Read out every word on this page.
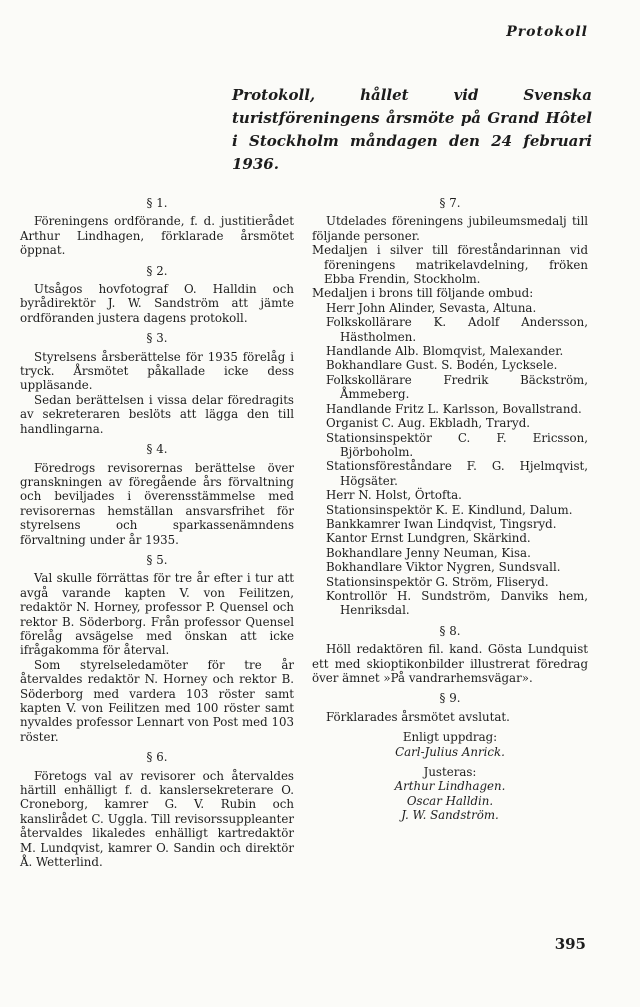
Protokoll
Protokoll, hållet vid Svenska turistföreningens årsmöte på Grand Hôtel i Stockholm måndagen den 24 februari 1936.
§ 1.

Föreningens ordförande, f. d. justitierådet Arthur Lindhagen, förklarade årsmötet öppnat.

§ 2.

Utsågos hovfotograf O. Halldin och byrådirektör J. W. Sandström att jämte ordföranden justera dagens protokoll.

§ 3.

Styrelsens årsberättelse för 1935 förelåg i tryck. Årsmötet påkallade icke dess uppläsande.

Sedan berättelsen i vissa delar föredragits av sekreteraren beslöts att lägga den till handlingarna.

§ 4.

Föredrogs revisorernas berättelse över granskningen av föregående års förvaltning och beviljades i överensstämmelse med revisorernas hemställan ansvarsfrihet för styrelsens och sparkassenämndens förvaltning under år 1935.

§ 5.

Val skulle förrättas för tre år efter i tur att avgå varande kapten V. von Feilitzen, redaktör N. Horney, professor P. Quensel och rektor B. Söderborg. Från professor Quensel förelåg avsägelse med önskan att icke ifrågakomma för återval.

Som styrelseledamöter för tre år återvaldes redaktör N. Horney och rektor B. Söderborg med vardera 103 röster samt kapten V. von Feilitzen med 100 röster samt nyvaldes professor Lennart von Post med 103 röster.

§ 6.

Företogs val av revisorer och återvaldes härtill enhälligt f. d. kanslersekreterare O. Croneborg, kamrer G. V. Rubin och kanslirådet C. Uggla. Till revisorssuppleanter återvaldes likaledes enhälligt kartredaktör M. Lundqvist, kamrer O. Sandin och direktör Å. Wetterlind.

§ 7.

Utdelades föreningens jubileumsmedalj till följande personer.

Medaljen i silver till föreståndarinnan vid föreningens matrikelavdelning, fröken Ebba Frendin, Stockholm.

Medaljen i brons till följande ombud:

Herr John Alinder, Sevasta, Altuna.

Folkskollärare K. Adolf Andersson, Hästholmen.

Handlande Alb. Blomqvist, Malexander.

Bokhandlare Gust. S. Bodén, Lycksele.

Folkskollärare Fredrik Bäckström, Åmmeberg.

Handlande Fritz L. Karlsson, Bovallstrand.

Organist C. Aug. Ekbladh, Traryd.

Stationsinspektör C. F. Ericsson, Björboholm.

Stationsföreståndare F. G. Hjelmqvist, Högsäter.

Herr N. Holst, Örtofta.

Stationsinspektör K. E. Kindlund, Dalum.

Bankkamrer Iwan Lindqvist, Tingsryd.

Kantor Ernst Lundgren, Skärkind.

Bokhandlare Jenny Neuman, Kisa.

Bokhandlare Viktor Nygren, Sundsvall.

Stationsinspektör G. Ström, Fliseryd.

Kontrollör H. Sundström, Danviks hem, Henriksdal.

§ 8.

Höll redaktören fil. kand. Gösta Lundquist ett med skioptikonbilder illustrerat föredrag över ämnet »På vandrarhemsvägar».

§ 9.

Förklarades årsmötet avslutat.

Enligt uppdrag:

Carl-Julius Anrick.

Justeras:

Arthur Lindhagen.

Oscar Halldin.

J. W. Sandström.

395
